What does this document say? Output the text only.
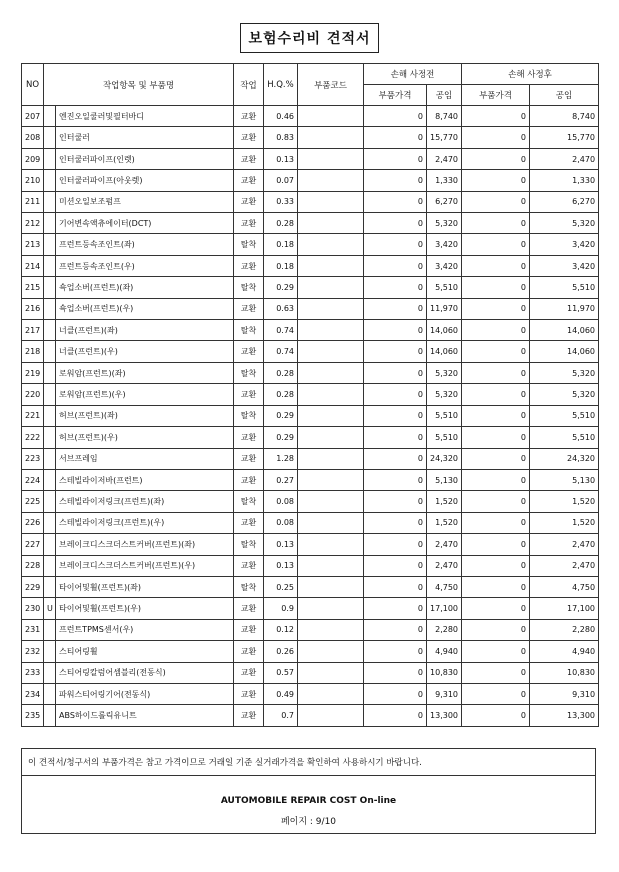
보험수리비 견적서
NO	작업항목 및 부품명		작업	H.Q.%	부품코드	손해 사정전		손해 사정후	
						부품가격	공임	부품가격	공임
207		엔진오일쿨러및필터바디	교환	0.46		0	8,740	0	8,740
208		인터쿨러	교환	0.83		0	15,770	0	15,770
209		인터쿨러파이프(인렛)	교환	0.13		0	2,470	0	2,470
210		인터쿨러파이프(아웃렛)	교환	0.07		0	1,330	0	1,330
211		미션오일보조펌프	교환	0.33		0	6,270	0	6,270
212		기어변속액츄에이터(DCT)	교환	0.28		0	5,320	0	5,320
213		프런트등속조인트(좌)	탈착	0.18		0	3,420	0	3,420
214		프런트등속조인트(우)	교환	0.18		0	3,420	0	3,420
215		쇽업소버(프런트)(좌)	탈착	0.29		0	5,510	0	5,510
216		쇽업소버(프런트)(우)	교환	0.63		0	11,970	0	11,970
217		너클(프런트)(좌)	탈착	0.74		0	14,060	0	14,060
218		너클(프런트)(우)	교환	0.74		0	14,060	0	14,060
219		로워암(프런트)(좌)	탈착	0.28		0	5,320	0	5,320
220		로워암(프런트)(우)	교환	0.28		0	5,320	0	5,320
221		허브(프런트)(좌)	탈착	0.29		0	5,510	0	5,510
222		허브(프런트)(우)	교환	0.29		0	5,510	0	5,510
223		서브프레임	교환	1.28		0	24,320	0	24,320
224		스테빌라이저바(프런트)	교환	0.27		0	5,130	0	5,130
225		스테빌라이저링크(프런트)(좌)	탈착	0.08		0	1,520	0	1,520
226		스테빌라이저링크(프런트)(우)	교환	0.08		0	1,520	0	1,520
227		브레이크디스크더스트커버(프런트)(좌)	탈착	0.13		0	2,470	0	2,470
228		브레이크디스크더스트커버(프런트)(우)	교환	0.13		0	2,470	0	2,470
229		타이어및휠(프런트)(좌)	탈착	0.25		0	4,750	0	4,750
230	U	타이어및휠(프런트)(우)	교환	0.9		0	17,100	0	17,100
231		프런트TPMS센서(우)	교환	0.12		0	2,280	0	2,280
232		스티어링휠	교환	0.26		0	4,940	0	4,940
233		스티어링칼럼어셈블리(전동식)	교환	0.57		0	10,830	0	10,830
234		파워스티어링기어(전동식)	교환	0.49		0	9,310	0	9,310
235		ABS하이드롤릭유니트	교환	0.7		0	13,300	0	13,300
이 견적서/청구서의 부품가격은 참고 가격이므로 거래일 기준 실거래가격을 확인하여 사용하시기 바랍니다.
AUTOMOBILE REPAIR COST On-line
페이지 : 9/10
